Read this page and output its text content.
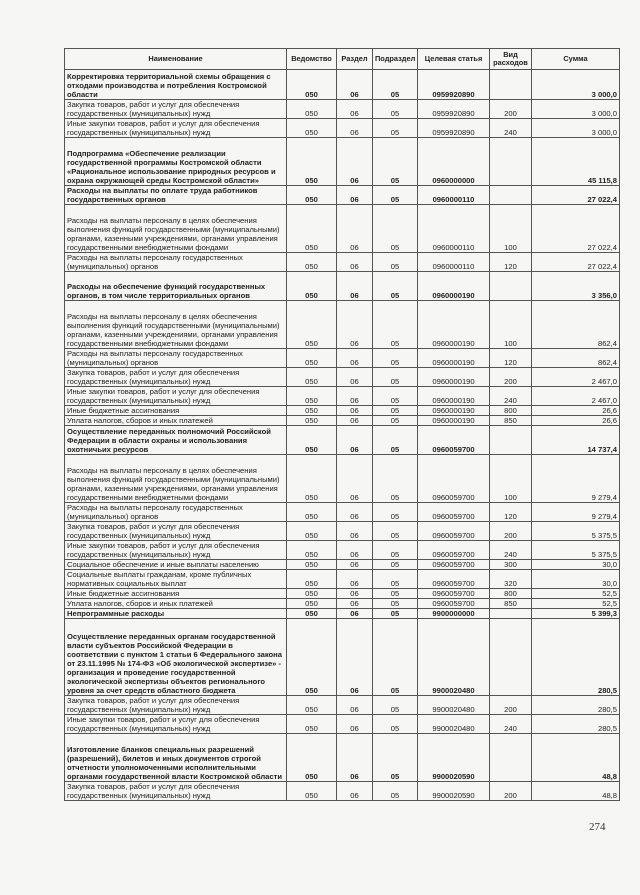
Наименование	Ведомство	Раздел	Подраздел	Целевая статья	Вид расходов	Сумма
Корректировка территориальной схемы обращения с отходами производства и потребления Костромской области	050	06	05	0959920890		3 000,0
Закупка товаров, работ и услуг для обеспечения государственных (муниципальных) нужд	050	06	05	0959920890	200	3 000,0
Иные закупки товаров, работ и услуг для обеспечения государственных (муниципальных) нужд	050	06	05	0959920890	240	3 000,0
Подпрограмма «Обеспечение реализации государственной программы Костромской области «Рациональное использование природных ресурсов и охрана окружающей среды Костромской области»	050	06	05	0960000000		45 115,8
Расходы на выплаты по оплате труда работников государственных органов	050	06	05	0960000110		27 022,4
Расходы на выплаты персоналу в целях обеспечения выполнения функций государственными (муниципальными) органами, казенными учреждениями, органами управления государственными внебюджетными фондами	050	06	05	0960000110	100	27 022,4
Расходы на выплаты персоналу государственных (муниципальных) органов	050	06	05	0960000110	120	27 022,4
Расходы на обеспечение функций государственных органов, в том числе территориальных органов	050	06	05	0960000190		3 356,0
Расходы на выплаты персоналу в целях обеспечения выполнения функций государственными (муниципальными) органами, казенными учреждениями, органами управления государственными внебюджетными фондами	050	06	05	0960000190	100	862,4
Расходы на выплаты персоналу государственных (муниципальных) органов	050	06	05	0960000190	120	862,4
Закупка товаров, работ и услуг для обеспечения государственных (муниципальных) нужд	050	06	05	0960000190	200	2 467,0
Иные закупки товаров, работ и услуг для обеспечения государственных (муниципальных) нужд	050	06	05	0960000190	240	2 467,0
Иные бюджетные ассигнования	050	06	05	0960000190	800	26,6
Уплата налогов, сборов и иных платежей	050	06	05	0960000190	850	26,6
Осуществление переданных полномочий Российской Федерации в области охраны и использования охотничьих ресурсов	050	06	05	0960059700		14 737,4
Расходы на выплаты персоналу в целях обеспечения выполнения функций государственными (муниципальными) органами, казенными учреждениями, органами управления государственными внебюджетными фондами	050	06	05	0960059700	100	9 279,4
Расходы на выплаты персоналу государственных (муниципальных) органов	050	06	05	0960059700	120	9 279,4
Закупка товаров, работ и услуг для обеспечения государственных (муниципальных) нужд	050	06	05	0960059700	200	5 375,5
Иные закупки товаров, работ и услуг для обеспечения государственных (муниципальных) нужд	050	06	05	0960059700	240	5 375,5
Социальное обеспечение и иные выплаты населению	050	06	05	0960059700	300	30,0
Социальные выплаты гражданам, кроме публичных нормативных социальных выплат	050	06	05	0960059700	320	30,0
Иные бюджетные ассигнования	050	06	05	0960059700	800	52,5
Уплата налогов, сборов и иных платежей	050	06	05	0960059700	850	52,5
Непрограммные расходы	050	06	05	9900000000		5 399,3
Осуществление переданных органам государственной власти субъектов Российской Федерации в соответствии с пунктом 1 статьи 6 Федерального закона от 23.11.1995 № 174-ФЗ «Об экологической экспертизе» - организация и проведение государственной экологической экспертизы объектов регионального уровня за счет средств областного бюджета	050	06	05	9900020480		280,5
Закупка товаров, работ и услуг для обеспечения государственных (муниципальных) нужд	050	06	05	9900020480	200	280,5
Иные закупки товаров, работ и услуг для обеспечения государственных (муниципальных) нужд	050	06	05	9900020480	240	280,5
Изготовление бланков специальных разрешений (разрешений), билетов и иных документов строгой отчетности уполномоченными исполнительными органами государственной власти Костромской области	050	06	05	9900020590		48,8
Закупка товаров, работ и услуг для обеспечения государственных (муниципальных) нужд	050	06	05	9900020590	200	48,8
274
